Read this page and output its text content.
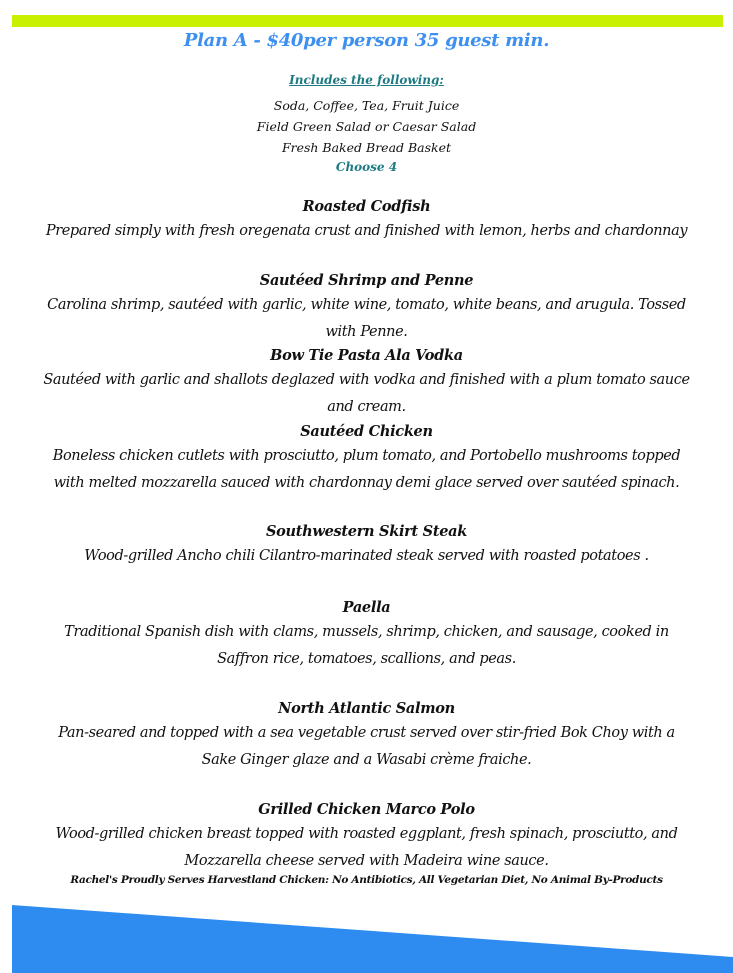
Plan A - $40per person 35 guest min.
Includes the following:
Soda, Coffee, Tea, Fruit Juice
Field Green Salad or Caesar Salad
Fresh Baked Bread Basket
Choose 4
Roasted Codfish
Prepared simply with fresh oregenata crust and finished with lemon, herbs and chardonnay
Sautéed Shrimp and Penne
Carolina shrimp, sautéed with garlic, white wine, tomato, white beans, and arugula. Tossed with Penne.
Bow Tie Pasta Ala Vodka
Sautéed with garlic and shallots deglazed with vodka and finished with a plum tomato sauce and cream.
Sautéed Chicken
Boneless chicken cutlets with prosciutto, plum tomato, and Portobello mushrooms topped with melted mozzarella sauced with chardonnay demi glace served over sautéed spinach.
Southwestern Skirt Steak
Wood-grilled Ancho chili Cilantro-marinated steak served with roasted potatoes .
Paella
Traditional Spanish dish with clams, mussels, shrimp, chicken, and sausage, cooked in Saffron rice, tomatoes, scallions, and peas.
North Atlantic Salmon
Pan-seared and topped with a sea vegetable crust served over stir-fried Bok Choy with a Sake Ginger glaze and a Wasabi crème fraiche.
Grilled Chicken Marco Polo
Wood-grilled chicken breast topped with roasted eggplant, fresh spinach, prosciutto, and Mozzarella cheese served with Madeira wine sauce.
Rachel's Proudly Serves Harvestland Chicken: No Antibiotics, All Vegetarian Diet, No Animal By-Products
